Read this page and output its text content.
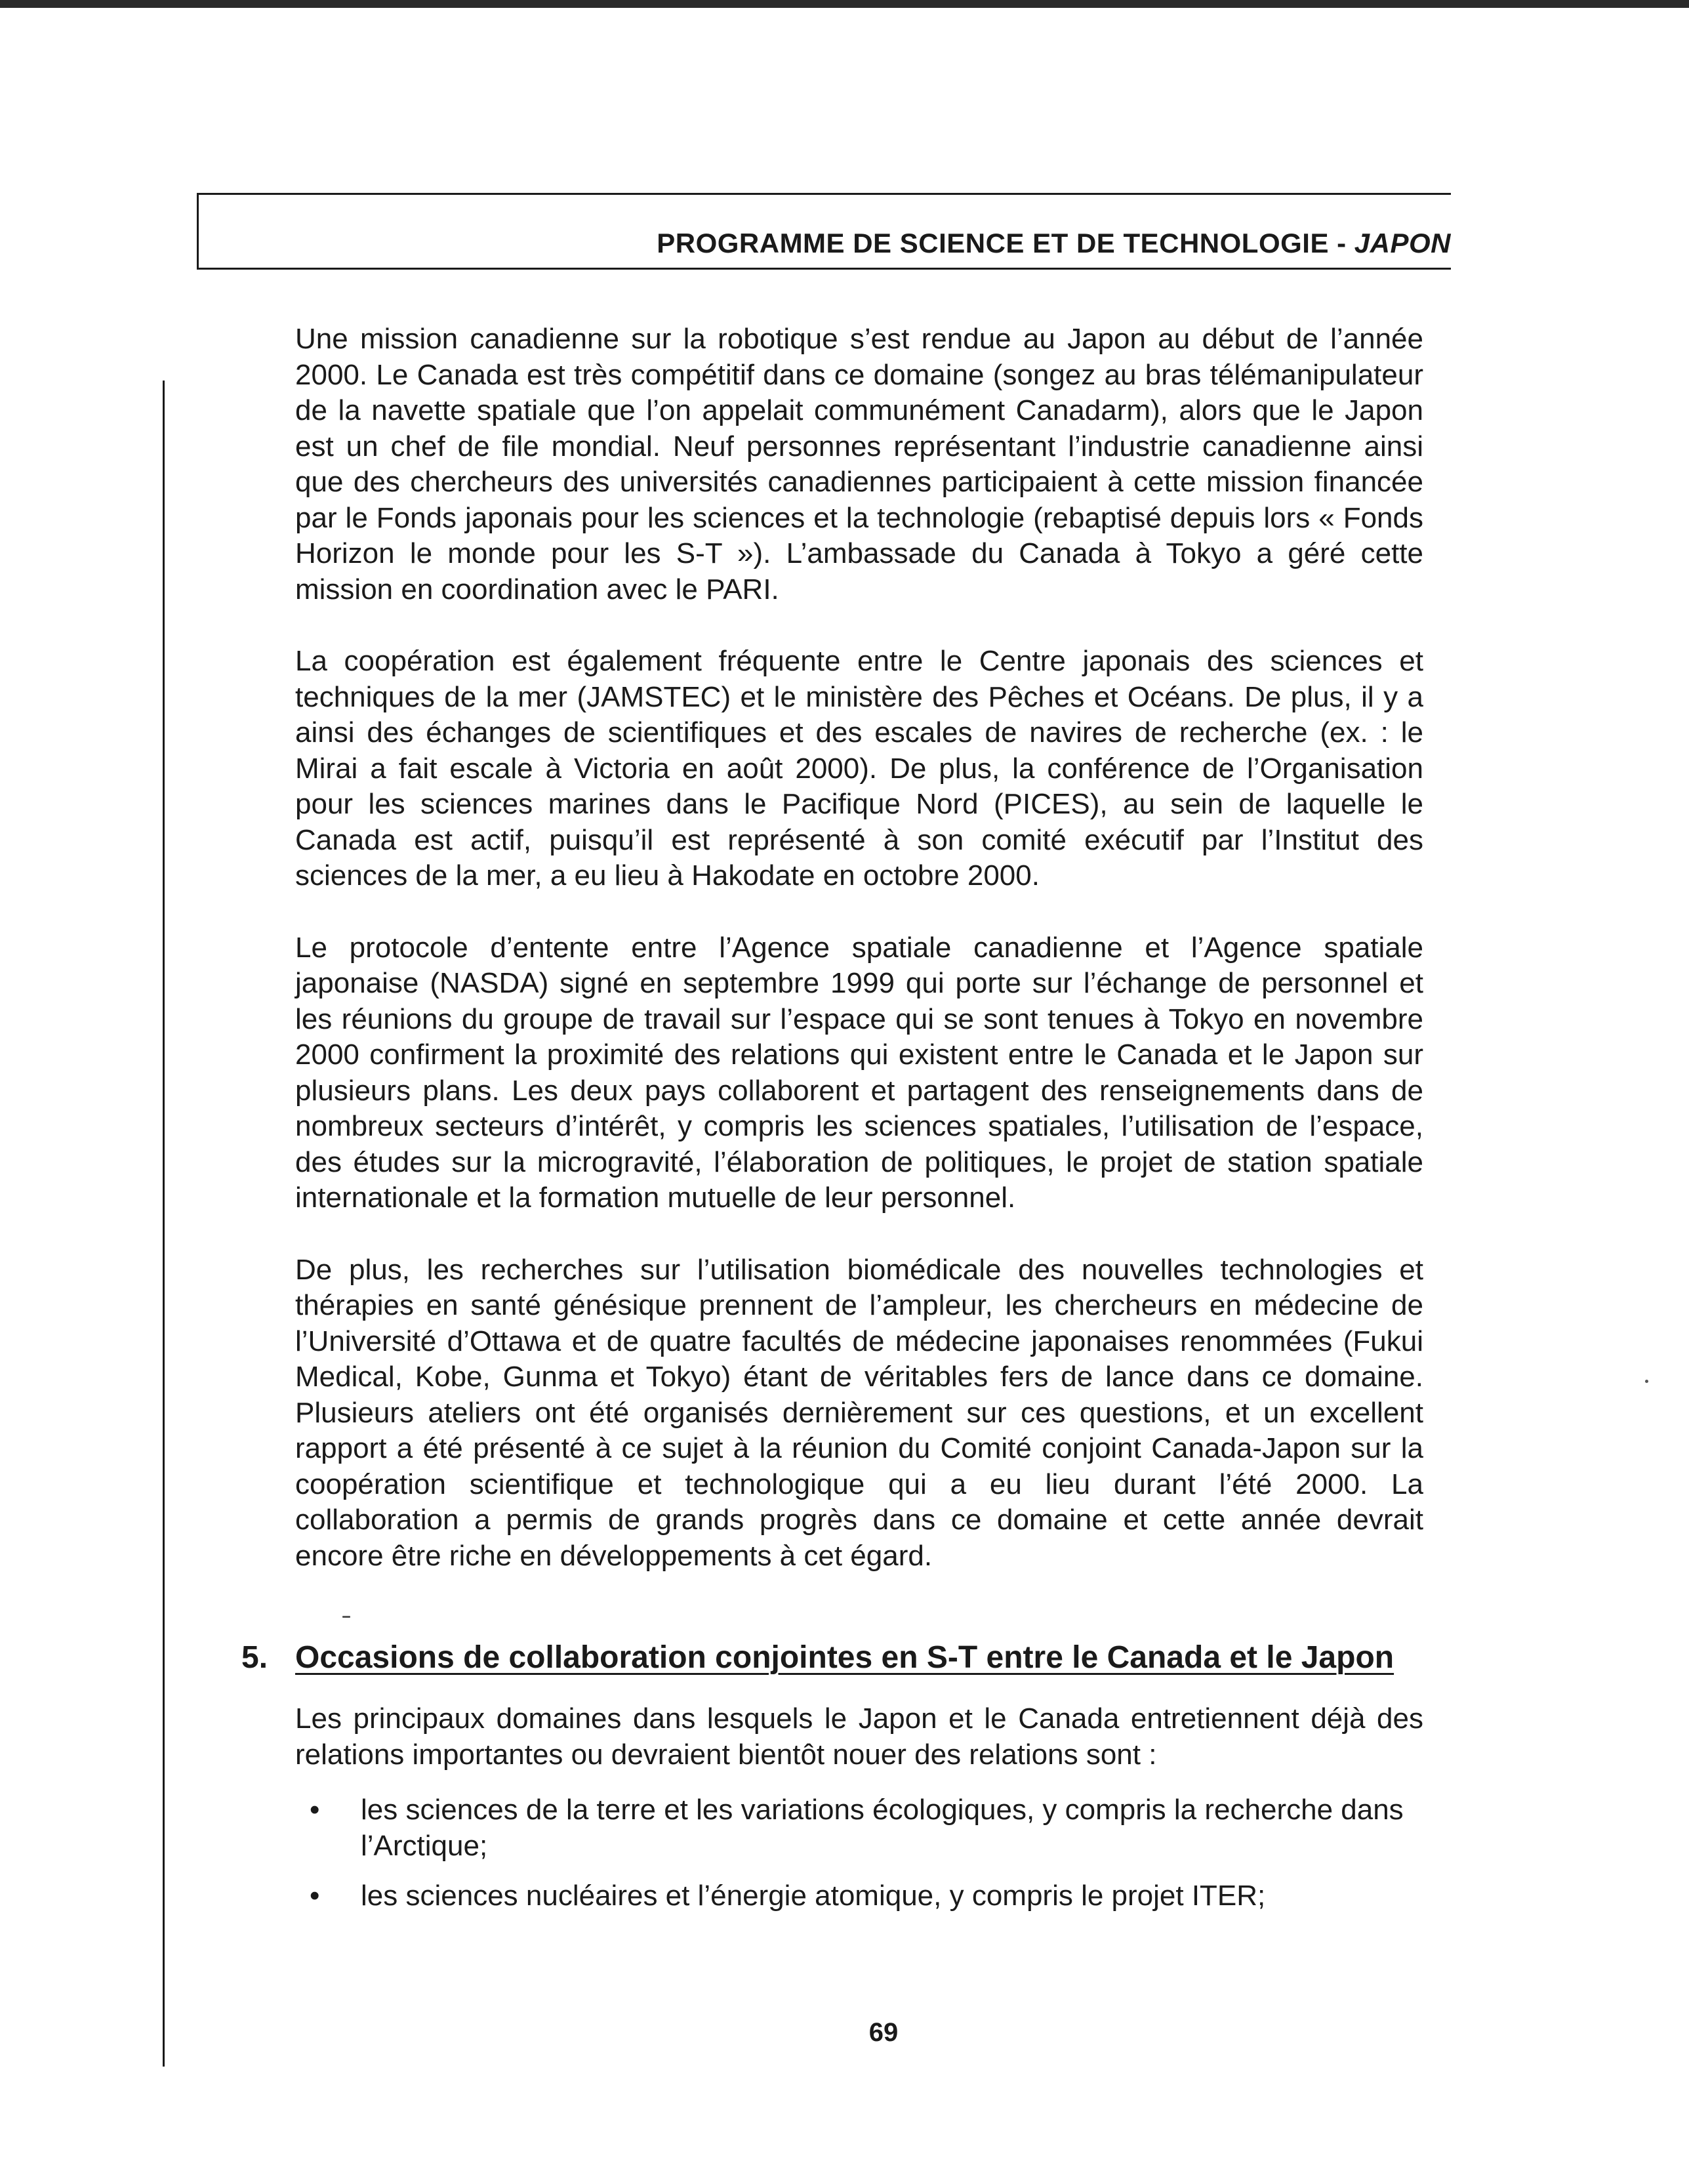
PROGRAMME DE SCIENCE ET DE TECHNOLOGIE - JAPON

Une mission canadienne sur la robotique s’est rendue au Japon au début de l’année 2000. Le Canada est très compétitif dans ce domaine (songez au bras télémanipulateur de la navette spatiale que l’on appelait communément Canadarm), alors que le Japon est un chef de file mondial. Neuf personnes représentant l’industrie canadienne ainsi que des chercheurs des universités canadiennes participaient à cette mission financée par le Fonds japonais pour les sciences et la technologie (rebaptisé depuis lors « Fonds Horizon le monde pour les S-T »). L’ambassade du Canada à Tokyo a géré cette mission en coordination avec le PARI.

La coopération est également fréquente entre le Centre japonais des sciences et techniques de la mer (JAMSTEC) et le ministère des Pêches et Océans. De plus, il y a ainsi des échanges de scientifiques et des escales de navires de recherche (ex. : le Mirai a fait escale à Victoria en août 2000). De plus, la conférence de l’Organisation pour les sciences marines dans le Pacifique Nord (PICES), au sein de laquelle le Canada est actif, puisqu’il est représenté à son comité exécutif par l’Institut des sciences de la mer, a eu lieu à Hakodate en octobre 2000.

Le protocole d’entente entre l’Agence spatiale canadienne et l’Agence spatiale japonaise (NASDA) signé en septembre 1999 qui porte sur l’échange de personnel et les réunions du groupe de travail sur l’espace qui se sont tenues à Tokyo en novembre 2000 confirment la proximité des relations qui existent entre le Canada et le Japon sur plusieurs plans. Les deux pays collaborent et partagent des renseignements dans de nombreux secteurs d’intérêt, y compris les sciences spatiales, l’utilisation de l’espace, des études sur la microgravité, l’élaboration de politiques, le projet de station spatiale internationale et la formation mutuelle de leur personnel.

De plus, les recherches sur l’utilisation biomédicale des nouvelles technologies et thérapies en santé génésique prennent de l’ampleur, les chercheurs en médecine de l’Université d’Ottawa et de quatre facultés de médecine japonaises renommées (Fukui Medical, Kobe, Gunma et Tokyo) étant de véritables fers de lance dans ce domaine. Plusieurs ateliers ont été organisés dernièrement sur ces questions, et un excellent rapport a été présenté à ce sujet à la réunion du Comité conjoint Canada-Japon sur la coopération scientifique et technologique qui a eu lieu durant l’été 2000. La collaboration a permis de grands progrès dans ce domaine et cette année devrait encore être riche en développements à cet égard.

5. Occasions de collaboration conjointes en S-T entre le Canada et le Japon

Les principaux domaines dans lesquels le Japon et le Canada entretiennent déjà des relations importantes ou devraient bientôt nouer des relations sont :

•	les sciences de la terre et les variations écologiques, y compris la recherche dans l’Arctique;
•	les sciences nucléaires et l’énergie atomique, y compris le projet ITER;
69
